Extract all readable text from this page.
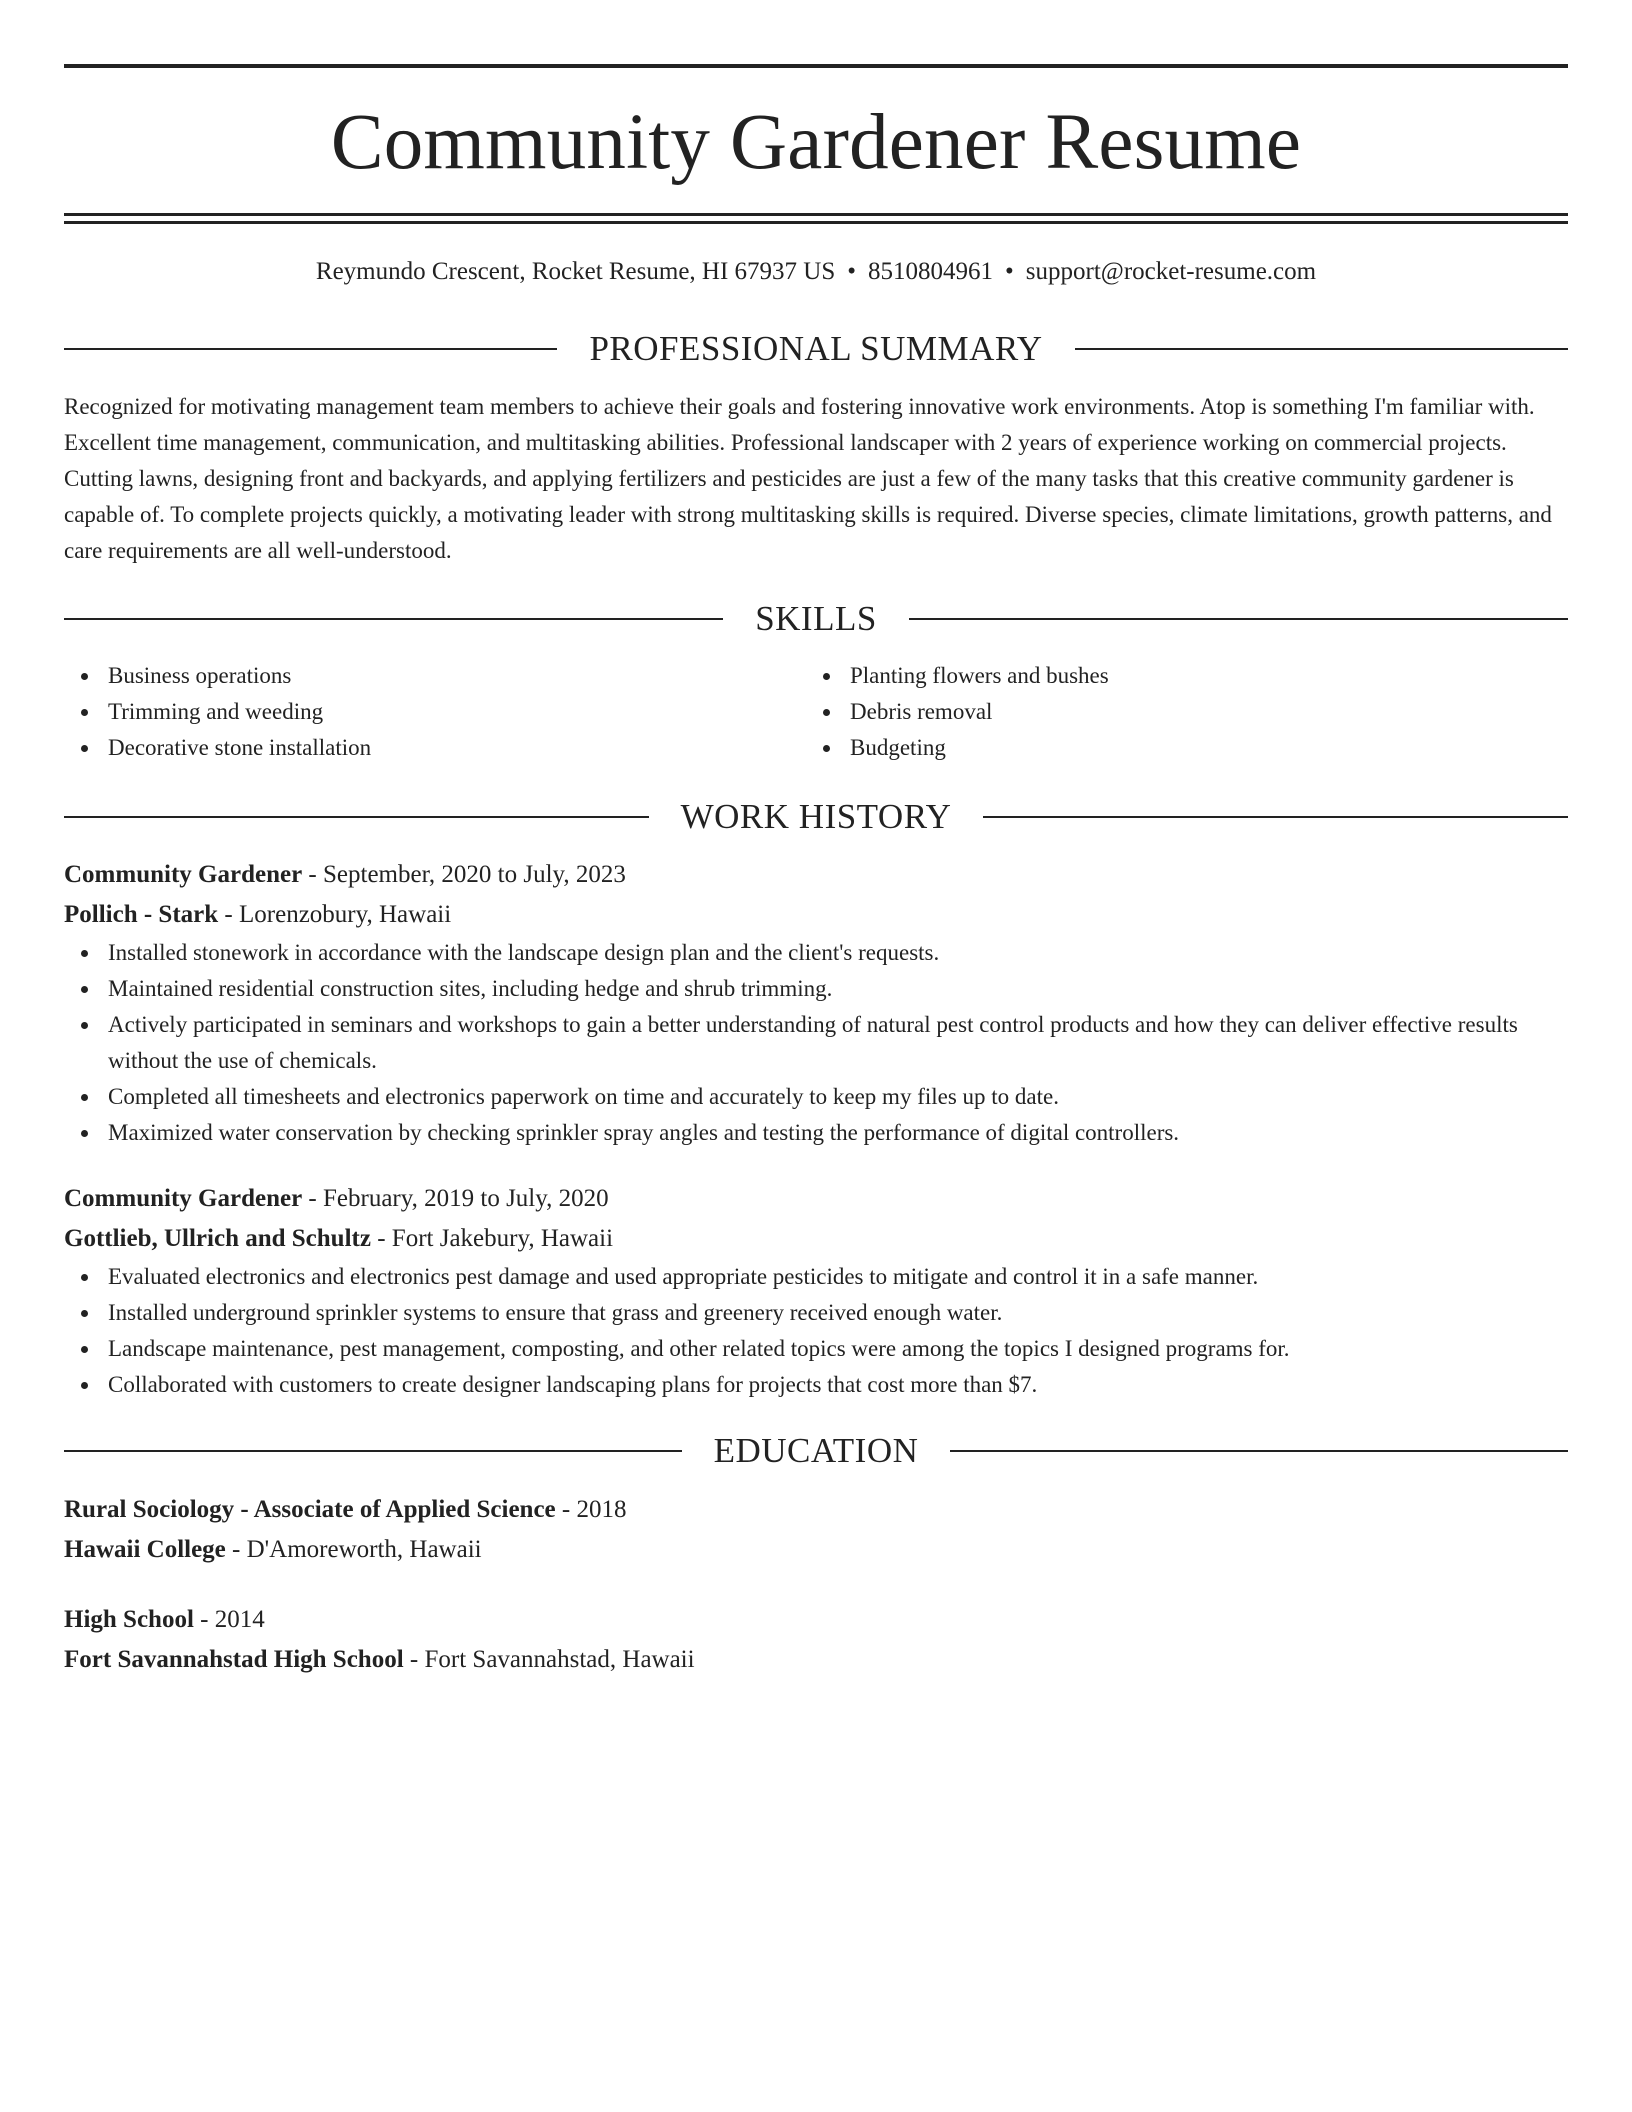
Community Gardener Resume
Reymundo Crescent, Rocket Resume, HI 67937 US • 8510804961 • support@rocket-resume.com
PROFESSIONAL SUMMARY

Recognized for motivating management team members to achieve their goals and fostering innovative work environments. Atop is something I'm familiar with. Excellent time management, communication, and multitasking abilities. Professional landscaper with 2 years of experience working on commercial projects. Cutting lawns, designing front and backyards, and applying fertilizers and pesticides are just a few of the many tasks that this creative community gardener is capable of. To complete projects quickly, a motivating leader with strong multitasking skills is required. Diverse species, climate limitations, growth patterns, and care requirements are all well-understood.

SKILLS
Business operations
Trimming and weeding
Decorative stone installation
Planting flowers and bushes
Debris removal
Budgeting
WORK HISTORY
Community Gardener - September, 2020 to July, 2023
Pollich - Stark - Lorenzobury, Hawaii
Installed stonework in accordance with the landscape design plan and the client's requests.
Maintained residential construction sites, including hedge and shrub trimming.
Actively participated in seminars and workshops to gain a better understanding of natural pest control products and how they can deliver effective results without the use of chemicals.
Completed all timesheets and electronics paperwork on time and accurately to keep my files up to date.
Maximized water conservation by checking sprinkler spray angles and testing the performance of digital controllers.
Community Gardener - February, 2019 to July, 2020
Gottlieb, Ullrich and Schultz - Fort Jakebury, Hawaii
Evaluated electronics and electronics pest damage and used appropriate pesticides to mitigate and control it in a safe manner.
Installed underground sprinkler systems to ensure that grass and greenery received enough water.
Landscape maintenance, pest management, composting, and other related topics were among the topics I designed programs for.
Collaborated with customers to create designer landscaping plans for projects that cost more than $7.
EDUCATION
Rural Sociology - Associate of Applied Science - 2018
Hawaii College - D'Amoreworth, Hawaii
High School - 2014
Fort Savannahstad High School - Fort Savannahstad, Hawaii
